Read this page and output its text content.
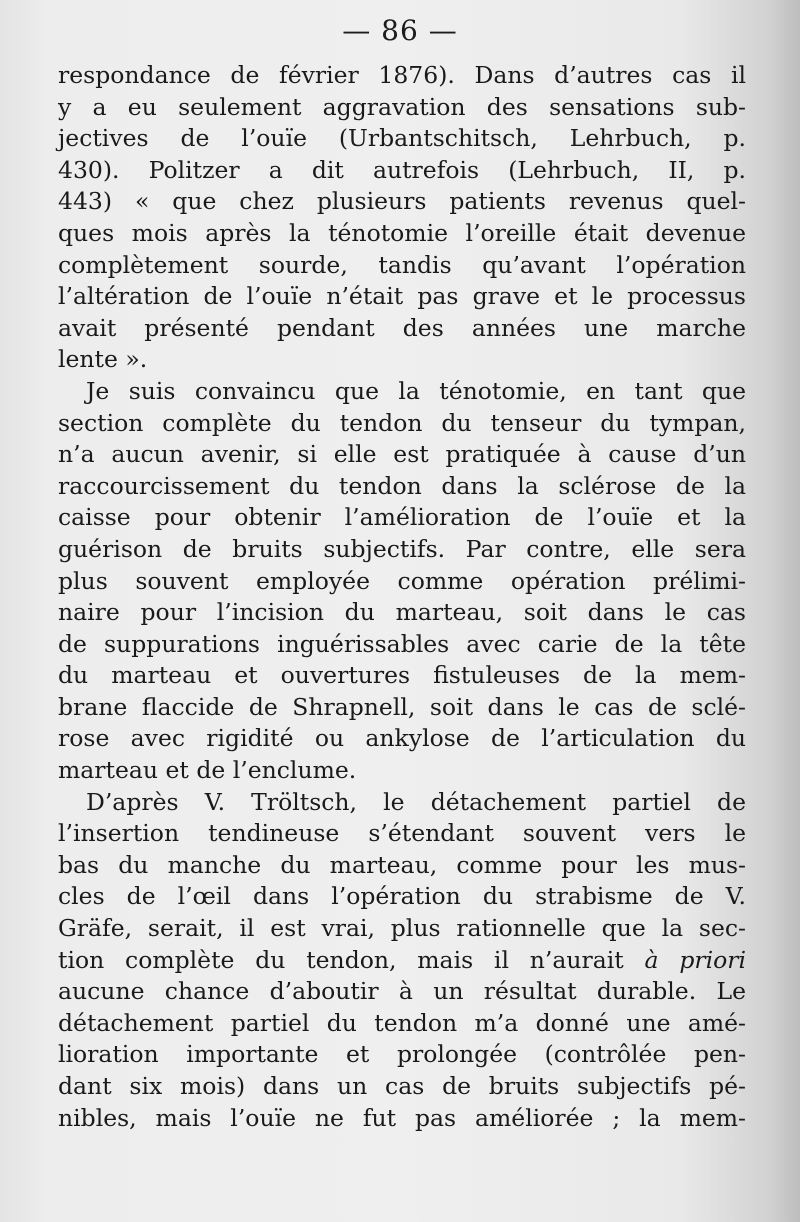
— 86 —
respondance de février 1876). Dans d’autres cas il
y a eu seulement aggravation des sensations sub-
jectives de l’ouïe (Urbantschitsch, Lehrbuch, p.
430). Politzer a dit autrefois (Lehrbuch, II, p.
443) « que chez plusieurs patients revenus quel-
ques mois après la ténotomie l’oreille était devenue
complètement sourde, tandis qu’avant l’opération
l’altération de l’ouïe n’était pas grave et le processus
avait présenté pendant des années une marche
lente ».
Je suis convaincu que la ténotomie, en tant que
section complète du tendon du tenseur du tympan,
n’a aucun avenir, si elle est pratiquée à cause d’un
raccourcissement du tendon dans la sclérose de la
caisse pour obtenir l’amélioration de l’ouïe et la
guérison de bruits subjectifs. Par contre, elle sera
plus souvent employée comme opération prélimi-
naire pour l’incision du marteau, soit dans le cas
de suppurations inguérissables avec carie de la tête
du marteau et ouvertures fistuleuses de la mem-
brane flaccide de Shrapnell, soit dans le cas de sclé-
rose avec rigidité ou ankylose de l’articulation du
marteau et de l’enclume.
D’après V. Tröltsch, le détachement partiel de
l’insertion tendineuse s’étendant souvent vers le
bas du manche du marteau, comme pour les mus-
cles de l’œil dans l’opération du strabisme de V.
Gräfe, serait, il est vrai, plus rationnelle que la sec-
tion complète du tendon, mais il n’aurait à priori
aucune chance d’aboutir à un résultat durable. Le
détachement partiel du tendon m’a donné une amé-
lioration importante et prolongée (contrôlée pen-
dant six mois) dans un cas de bruits subjectifs pé-
nibles, mais l’ouïe ne fut pas améliorée ; la mem-
